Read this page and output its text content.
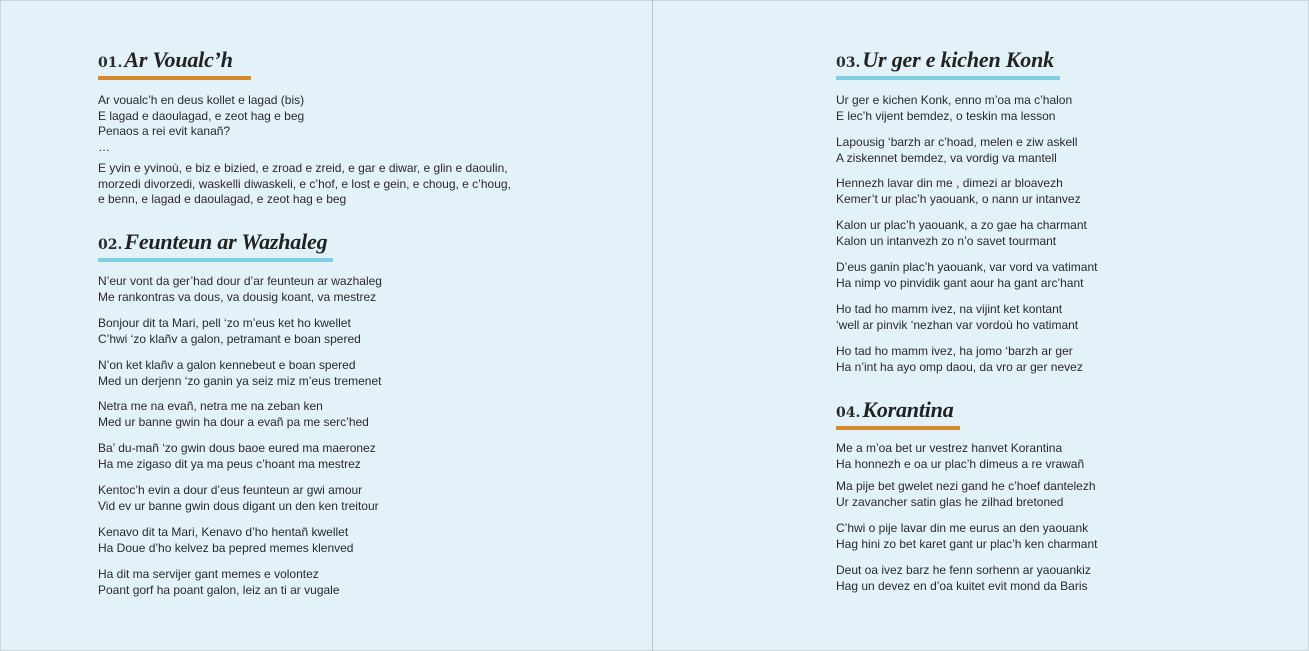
01.Ar Voualc’h
Ar voualc’h en deus kollet e lagad (bis)
E lagad e daoulagad, e zeot hag e beg
Penaos a rei evit kanañ?
…
E yvin e yvinoù, e biz e bizied, e zroad e zreid, e gar e diwar, e glin e daoulin,
morzedi divorzedi, waskelli diwaskeli, e c’hof, e lost e gein, e choug, e c’houg,
e benn, e lagad e daoulagad, e zeot hag e beg
02.Feunteun ar Wazhaleg
N’eur vont da ger’had dour d’ar feunteun ar wazhaleg
Me rankontras va dous, va dousig koant, va mestrez
Bonjour dit ta Mari, pell ‘zo m’eus ket ho kwellet
C’hwi ‘zo klañv a galon, petramant e boan spered
N’on ket klañv a galon kennebeut e boan spered
Med un derjenn ‘zo ganin ya seiz miz m’eus tremenet
Netra me na evañ, netra me na zeban ken
Med ur banne gwin ha dour a evañ pa me serc’hed
Ba’ du-mañ ‘zo gwin dous baoe eured ma maeronez
Ha me zigaso dit ya ma peus c’hoant ma mestrez
Kentoc’h evin a dour d’eus feunteun ar gwi amour
Vid ev ur banne gwin dous digant un den ken treitour
Kenavo dit ta Mari, Kenavo d’ho hentañ kwellet
Ha Doue d’ho kelvez ba pepred memes klenved
Ha dit ma servijer gant memes e volontez
Poant gorf ha poant galon, leiz an ti ar vugale
03.Ur ger e kichen Konk
Ur ger e kichen Konk, enno m’oa ma c’halon
E lec’h vijent bemdez, o teskin ma lesson
Lapousig ‘barzh ar c’hoad, melen e ziw askell
A ziskennet bemdez, va vordig va mantell
Hennezh lavar din me , dimezi ar bloavezh
Kemer’t ur plac’h yaouank, o nann ur intanvez
Kalon ur plac’h yaouank, a zo gae ha charmant
Kalon un intanvezh zo n’o savet tourmant
D’eus ganin plac’h yaouank, var vord va vatimant
Ha nimp vo pinvidik gant aour ha gant arc’hant
Ho tad ho mamm ivez, na vijint ket kontant
‘well ar pinvik ‘nezhan var vordoù ho vatimant
Ho tad ho mamm ivez, ha jomo ‘barzh ar ger
Ha n’int ha ayo omp daou, da vro ar ger nevez
04.Korantina
Me a m’oa bet ur vestrez hanvet Korantina
Ha honnezh e oa ur plac’h dimeus a re vrawañ
Ma pije bet gwelet nezi gand he c’hoef dantelezh
Ur zavancher satin glas he zilhad bretoned
C’hwi o pije lavar din me eurus an den yaouank
Hag hini zo bet karet gant ur plac’h ken charmant
Deut oa ivez barz he fenn sorhenn ar yaouankiz
Hag un devez en d’oa kuitet evit mond da Baris
